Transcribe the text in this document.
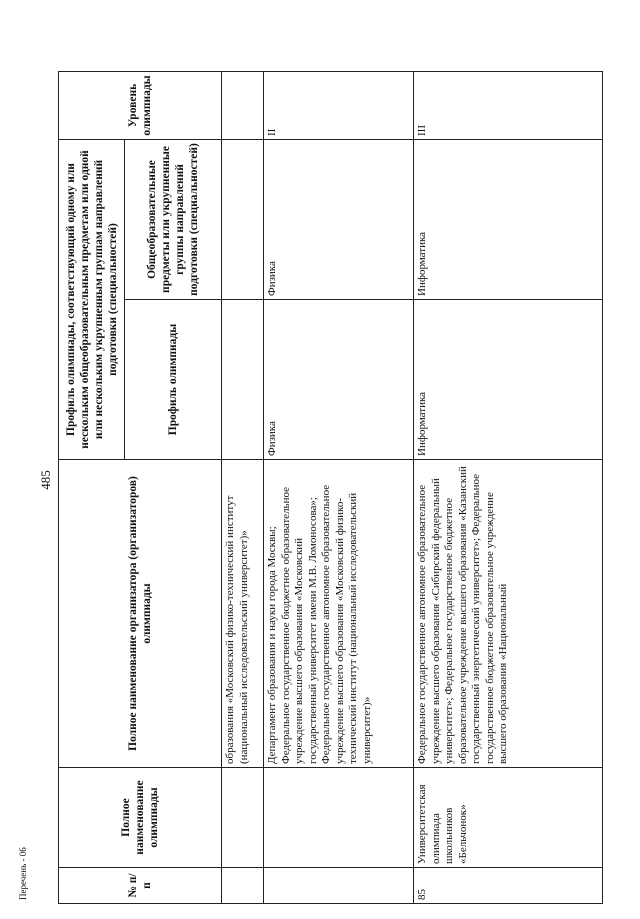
485
№ п/п	Полное наименование олимпиады	Полное наименование организатора (организаторов) олимпиады	Профиль олимпиады, соответствующий одному или нескольким общеобразовательным предметам или одной или нескольким укрупненным группам направлений подготовки (специальностей)		Уровень олимпиады
			Профиль олимпиады	Общеобразовательные предметы или укрупненные группы направлений подготовки (специальностей)	
		образования «Московский физико-технический институт (национальный исследовательский университет)»			
		Департамент образования и науки города Москвы; Федеральное государственное бюджетное образовательное учреждение высшего образования «Московский государственный университет имени М.В. Ломоносова»; Федеральное государственное автономное образовательное учреждение высшего образования «Московский физико-технический институт (национальный исследовательский университет)»	Физика	Физика	II
85	Университетская олимпиада школьников «Бельчонок»	Федеральное государственное автономное образовательное учреждение высшего образования «Сибирский федеральный университет»; Федеральное государственное бюджетное образовательное учреждение высшего образования «Казанский государственный энергетический университет»; Федеральное государственное бюджетное образовательное учреждение высшего образования «Национальный	Информатика	Информатика	III
Перечень - 06
